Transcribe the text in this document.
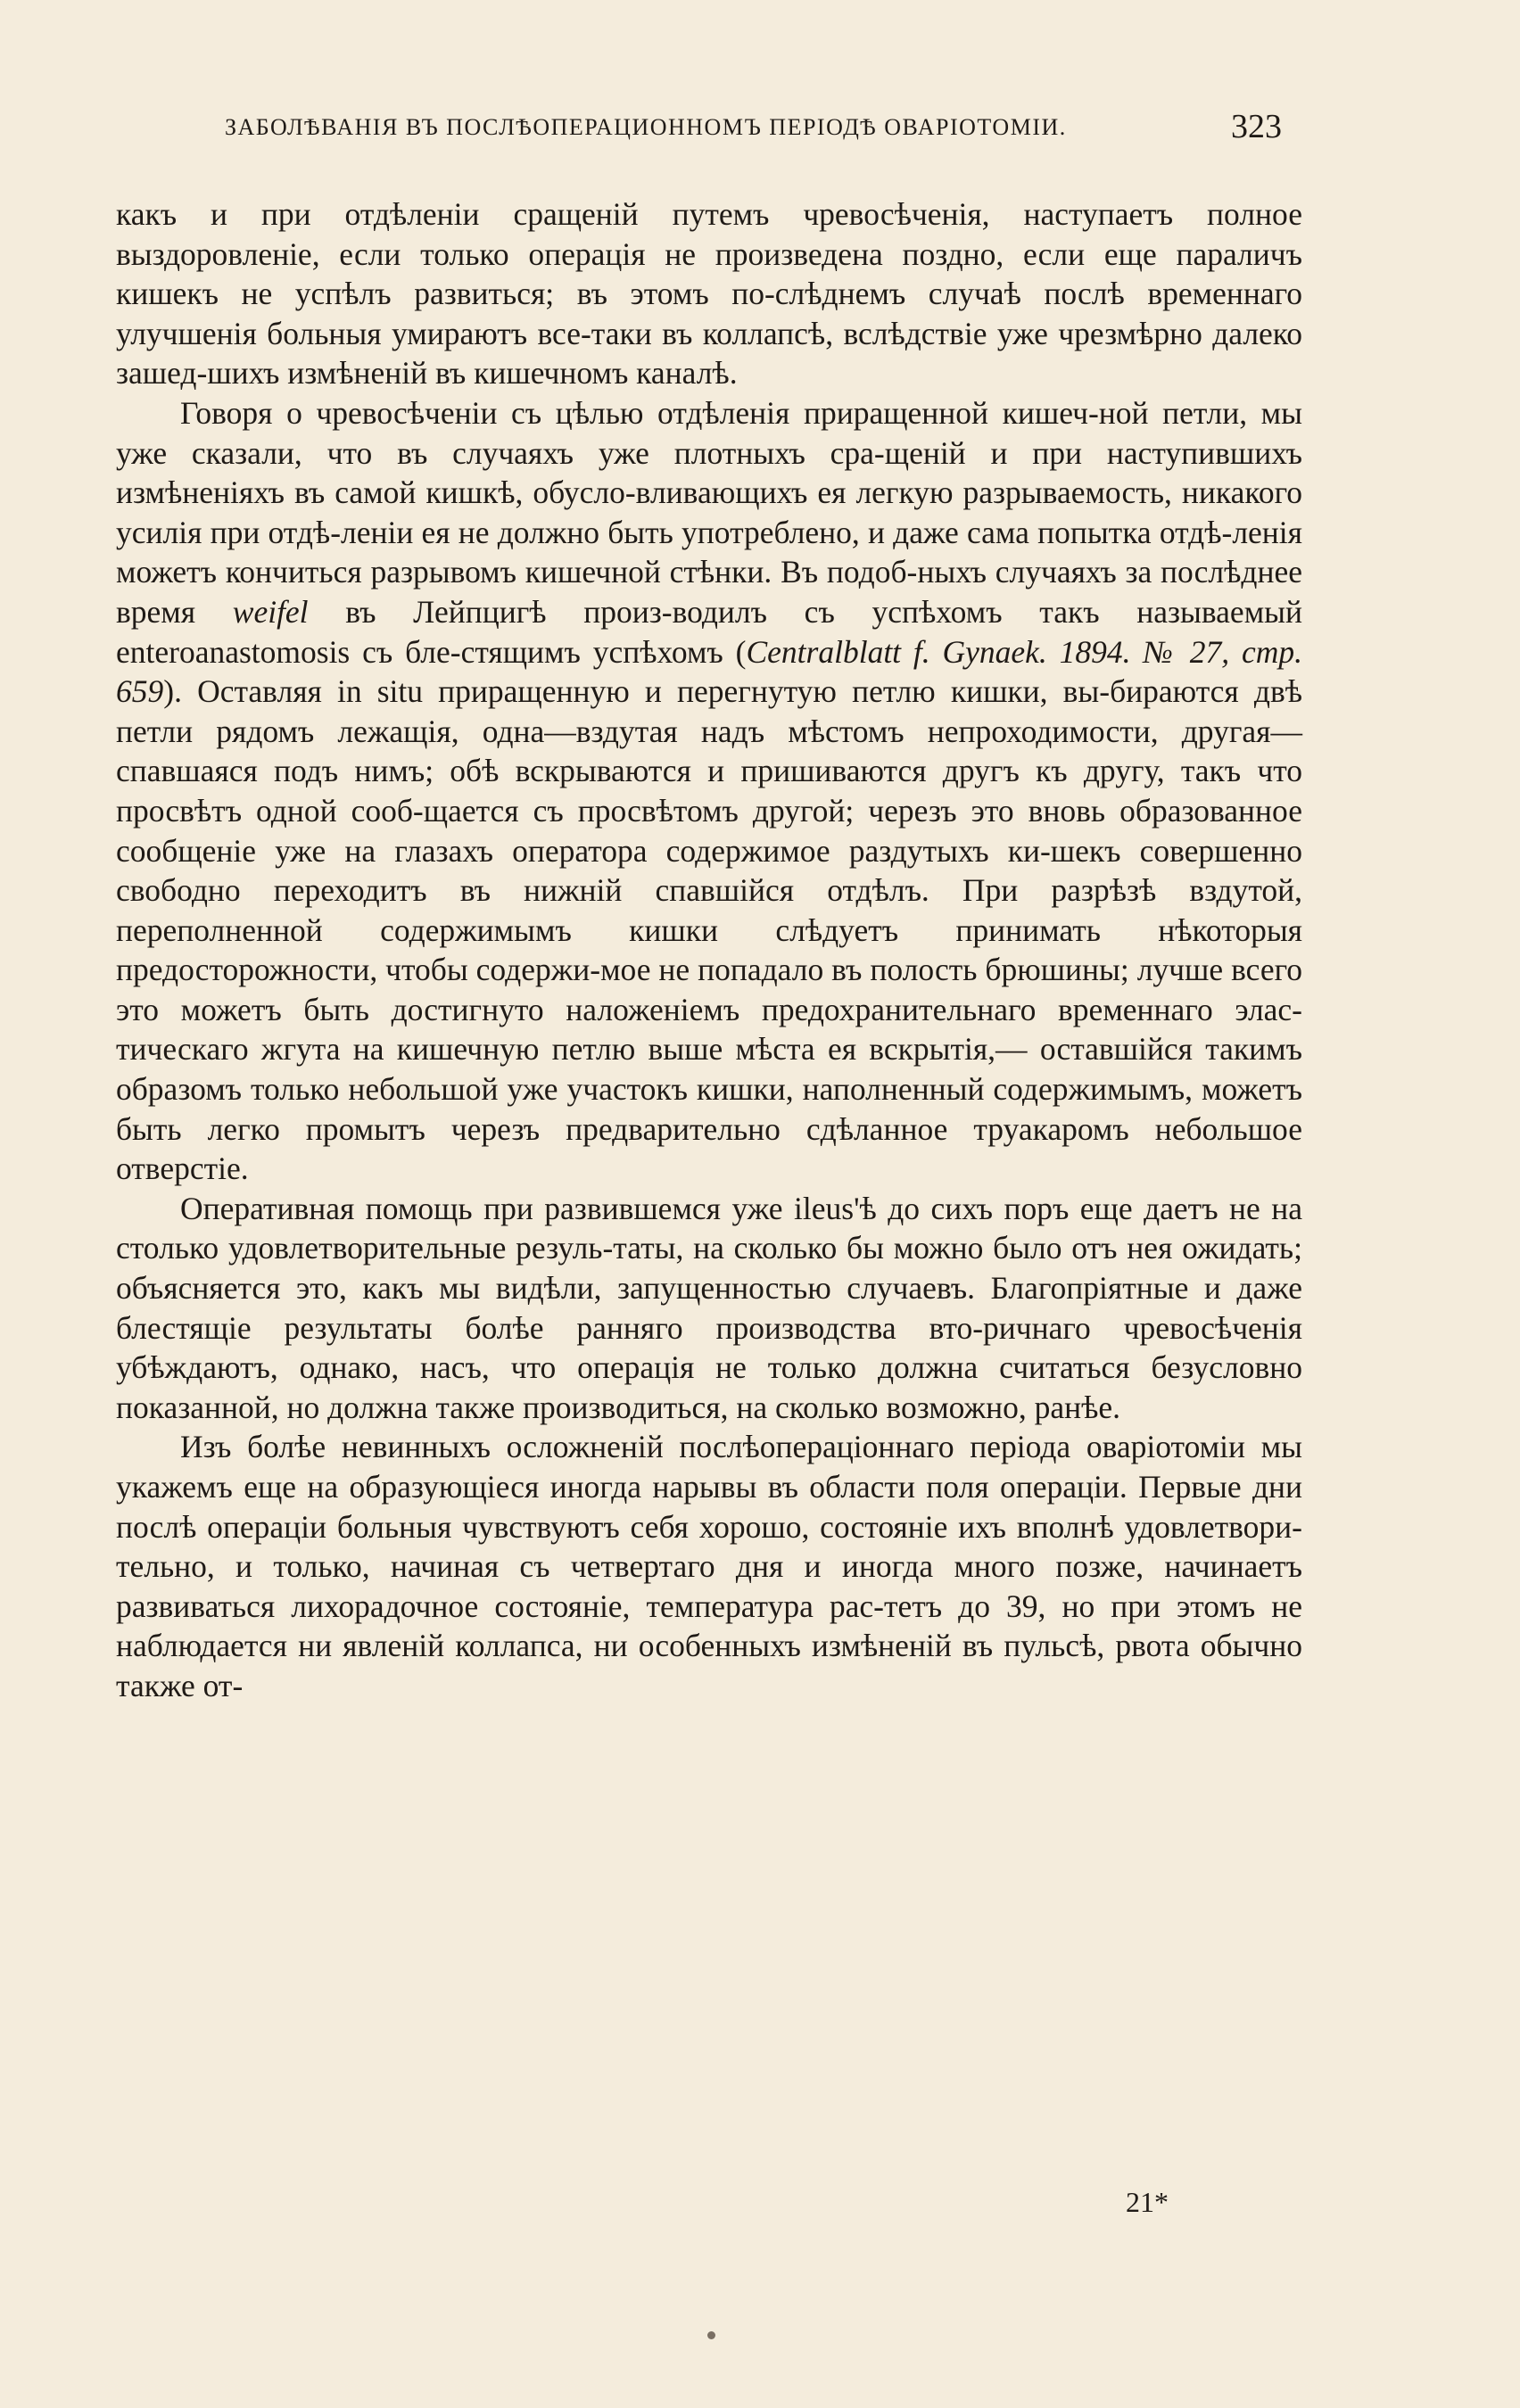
ЗАБОЛѢВАНІЯ ВЪ ПОСЛѢОПЕРАЦИОННОМЪ ПЕРІОДѢ ОВАРІОТОМІИ.	323

какъ и при отдѣленіи сращеній путемъ чревосѣченія, наступаетъ полное выздоровленіе, если только операція не произведена поздно, если еще параличъ кишекъ не успѣлъ развиться; въ этомъ по-слѣднемъ случаѣ послѣ временнаго улучшенія больныя умираютъ все-таки въ коллапсѣ, вслѣдствіе уже чрезмѣрно далеко зашед-шихъ измѣненій въ кишечномъ каналѣ.

Говоря о чревосѣченіи съ цѣлью отдѣленія приращенной кишеч-ной петли, мы уже сказали, что въ случаяхъ уже плотныхъ сра-щеній и при наступившихъ измѣненіяхъ въ самой кишкѣ, обусло-вливающихъ ея легкую разрываемость, никакого усилія при отдѣ-леніи ея не должно быть употреблено, и даже сама попытка отдѣ-ленія можетъ кончиться разрывомъ кишечной стѣнки. Въ подоб-ныхъ случаяхъ за послѣднее время weifel въ Лейпцигѣ произ-водилъ съ успѣхомъ такъ называемый enteroanastomosis съ бле-стящимъ успѣхомъ (Centralblatt f. Gynaek. 1894. № 27, стр. 659). Оставляя in situ приращенную и перегнутую петлю кишки, вы-бираются двѣ петли рядомъ лежащія, одна—вздутая надъ мѣстомъ непроходимости, другая—спавшаяся подъ нимъ; обѣ вскрываются и пришиваются другъ къ другу, такъ что просвѣтъ одной сооб-щается съ просвѣтомъ другой; черезъ это вновь образованное сообщеніе уже на глазахъ оператора содержимое раздутыхъ ки-шекъ совершенно свободно переходитъ въ нижній спавшійся отдѣлъ. При разрѣзѣ вздутой, переполненной содержимымъ кишки слѣдуетъ принимать нѣкоторыя предосторожности, чтобы содержи-мое не попадало въ полость брюшины; лучше всего это можетъ быть достигнуто наложеніемъ предохранительнаго временнаго элас-тическаго жгута на кишечную петлю выше мѣста ея вскрытія,— оставшійся такимъ образомъ только небольшой уже участокъ кишки, наполненный содержимымъ, можетъ быть легко промытъ черезъ предварительно сдѣланное труакаромъ небольшое отверстіе.

Оперативная помощь при развившемся уже ileus'ѣ до сихъ поръ еще даетъ не на столько удовлетворительные резуль-таты, на сколько бы можно было отъ нея ожидать; объясняется это, какъ мы видѣли, запущенностью случаевъ. Благопріятные и даже блестящіе результаты болѣе ранняго производства вто-ричнаго чревосѣченія убѣждаютъ, однако, насъ, что операція не только должна считаться безусловно показанной, но должна также производиться, на сколько возможно, ранѣе.

Изъ болѣе невинныхъ осложненій послѣопераціоннаго періода оваріотоміи мы укажемъ еще на образующіеся иногда нарывы въ области поля операціи. Первые дни послѣ операціи больныя чувствуютъ себя хорошо, состояніе ихъ вполнѣ удовлетвори-тельно, и только, начиная съ четвертаго дня и иногда много позже, начинаетъ развиваться лихорадочное состояніе, температура рас-тетъ до 39, но при этомъ не наблюдается ни явленій коллапса, ни особенныхъ измѣненій въ пульсѣ, рвота обычно также от-

21*
